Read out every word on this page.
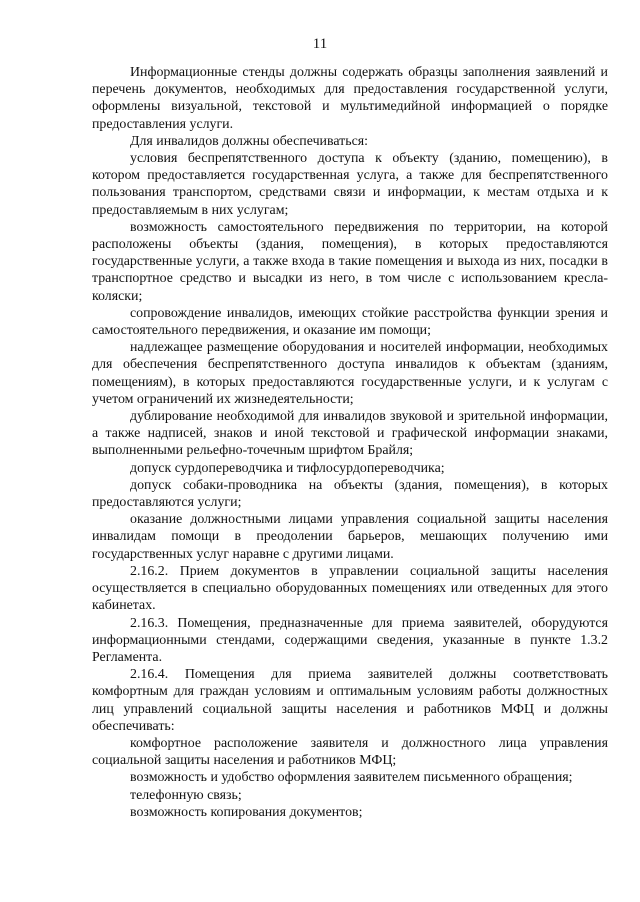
11

Информационные стенды должны содержать образцы заполнения заявлений и перечень документов, необходимых для предоставления государственной услуги, оформлены визуальной, текстовой и мультимедийной информацией о порядке предоставления услуги.

Для инвалидов должны обеспечиваться:

условия беспрепятственного доступа к объекту (зданию, помещению), в котором предоставляется государственная услуга, а также для беспрепятственного пользования транспортом, средствами связи и информации, к местам отдыха и к предоставляемым в них услугам;

возможность самостоятельного передвижения по территории, на которой расположены объекты (здания, помещения), в которых предоставляются государственные услуги, а также входа в такие помещения и выхода из них, посадки в транспортное средство и высадки из него, в том числе с использованием кресла-коляски;

сопровождение инвалидов, имеющих стойкие расстройства функции зрения и самостоятельного передвижения, и оказание им помощи;

надлежащее размещение оборудования и носителей информации, необходимых для обеспечения беспрепятственного доступа инвалидов к объектам (зданиям, помещениям), в которых предоставляются государственные услуги, и к услугам с учетом ограничений их жизнедеятельности;

дублирование необходимой для инвалидов звуковой и зрительной информации, а также надписей, знаков и иной текстовой и графической информации знаками, выполненными рельефно-точечным шрифтом Брайля;

допуск сурдопереводчика и тифлосурдопереводчика;

допуск собаки-проводника на объекты (здания, помещения), в которых предоставляются услуги;

оказание должностными лицами управления социальной защиты населения инвалидам помощи в преодолении барьеров, мешающих получению ими государственных услуг наравне с другими лицами.

2.16.2. Прием документов в управлении социальной защиты населения осуществляется в специально оборудованных помещениях или отведенных для этого кабинетах.

2.16.3. Помещения, предназначенные для приема заявителей, оборудуются информационными стендами, содержащими сведения, указанные в пункте 1.3.2 Регламента.

2.16.4. Помещения для приема заявителей должны соответствовать комфортным для граждан условиям и оптимальным условиям работы должностных лиц управлений социальной защиты населения и работников МФЦ и должны обеспечивать:

комфортное расположение заявителя и должностного лица управления социальной защиты населения и работников МФЦ;

возможность и удобство оформления заявителем письменного обращения;

телефонную связь;

возможность копирования документов;
